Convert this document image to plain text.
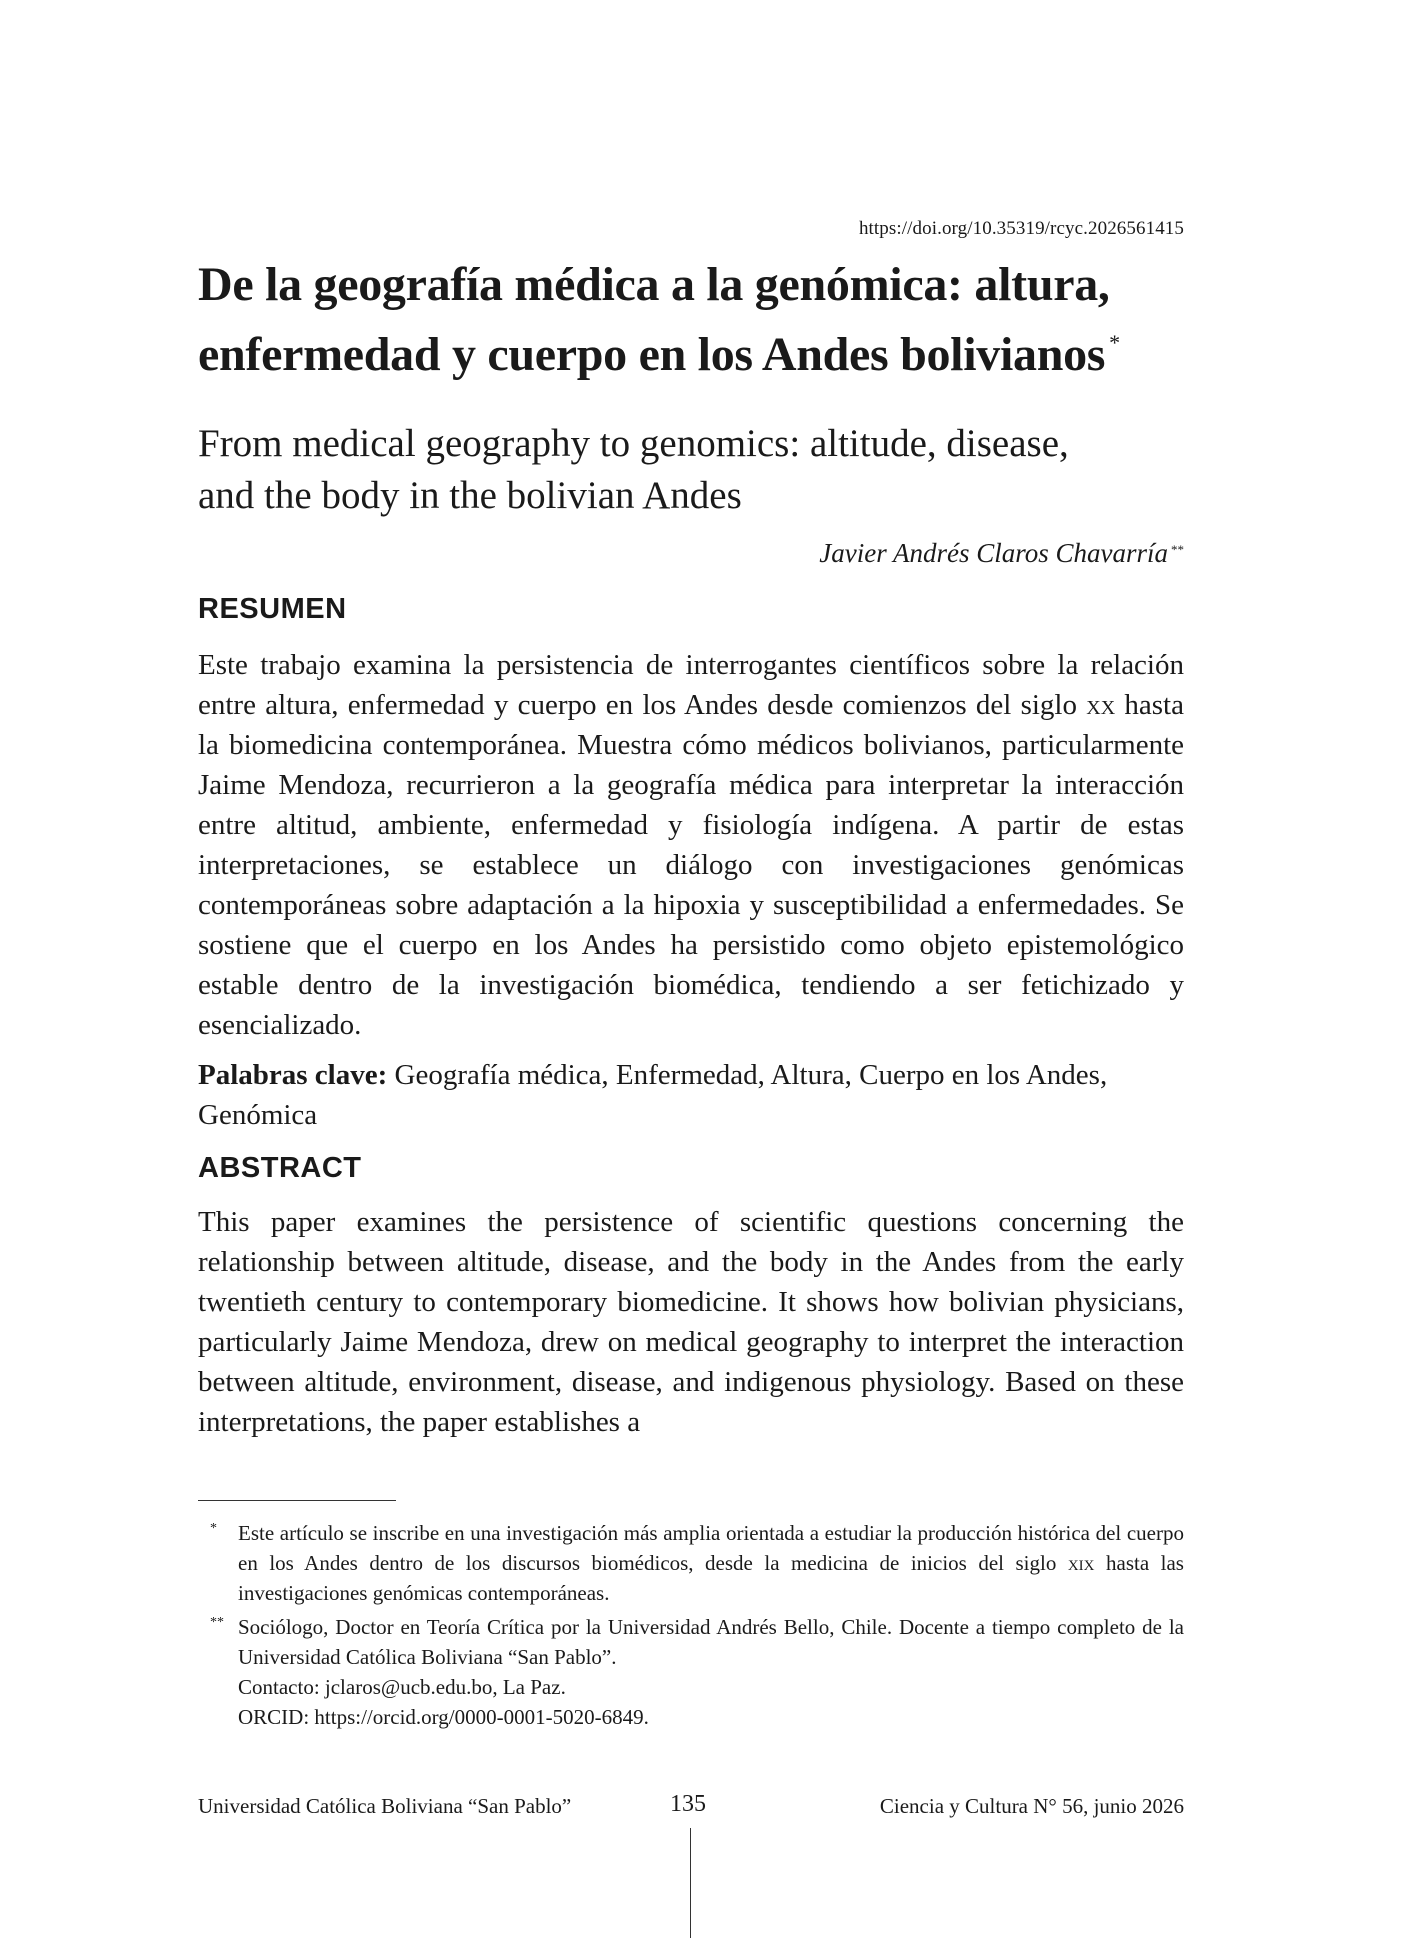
https://doi.org/10.35319/rcyc.2026561415
De la geografía médica a la genómica: altura,
enfermedad y cuerpo en los Andes bolivianos *
From medical geography to genomics: altitude, disease,
and the body in the bolivian Andes
Javier Andrés Claros Chavarría **
RESUMEN

Este trabajo examina la persistencia de interrogantes científicos sobre la relación entre altura, enfermedad y cuerpo en los Andes desde comienzos del siglo xx hasta la biomedicina contemporánea. Muestra cómo médicos bolivianos, particularmente Jaime Mendoza, recurrieron a la geografía médica para interpretar la interacción entre altitud, ambiente, enfermedad y fisiología indígena. A partir de estas interpretaciones, se establece un diálogo con investigaciones genómicas contemporáneas sobre adaptación a la hipoxia y susceptibilidad a enfermedades. Se sostiene que el cuerpo en los Andes ha persistido como objeto epistemológico estable dentro de la investigación biomédica, tendiendo a ser fetichizado y esencializado.

Palabras clave: Geografía médica, Enfermedad, Altura, Cuerpo en los Andes, Genómica

ABSTRACT

This paper examines the persistence of scientific questions concerning the relationship between altitude, disease, and the body in the Andes from the early twentieth century to contemporary biomedicine. It shows how bolivian physicians, particularly Jaime Mendoza, drew on medical geography to interpret the interaction between altitude, environment, disease, and indigenous physiology. Based on these interpretations, the paper establishes a

* Este artículo se inscribe en una investigación más amplia orientada a estudiar la producción histórica del cuerpo en los Andes dentro de los discursos biomédicos, desde la medicina de inicios del siglo xix hasta las investigaciones genómicas contemporáneas.
** Sociólogo, Doctor en Teoría Crítica por la Universidad Andrés Bello, Chile. Docente a tiempo completo de la Universidad Católica Boliviana “San Pablo”.
Contacto: jclaros@ucb.edu.bo, La Paz.
ORCID: https://orcid.org/0000-0001-5020-6849.
Universidad Católica Boliviana “San Pablo”	135	Ciencia y Cultura N° 56, junio 2026
